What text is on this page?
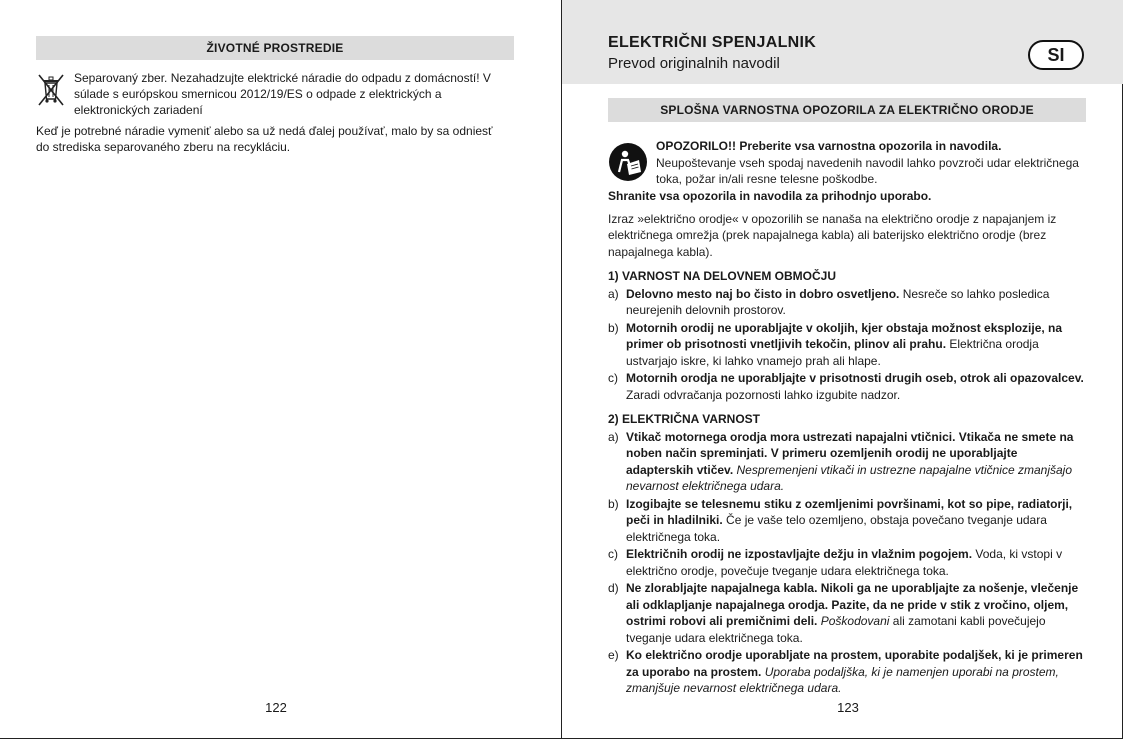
ŽIVOTNÉ PROSTREDIE
Separovaný zber. Nezahadzujte elektrické náradie do odpadu z domácností! V súlade s európskou smernicou 2012/19/ES o odpade z elektrických a elektronických zariadení
Keď je potrebné náradie vymeniť alebo sa už nedá ďalej používať, malo by sa odniesť do strediska separovaného zberu na recykláciu.
122
ELEKTRIČNI SPENJALNIK
Prevod originalnih navodil	SI
SPLOŠNA VARNOSTNA OPOZORILA ZA ELEKTRIČNO ORODJE
OPOZORILO!! Preberite vsa varnostna opozorila in navodila.
Neupoštevanje vseh spodaj navedenih navodil lahko povzroči udar električnega toka, požar in/ali resne telesne poškodbe.
Shranite vsa opozorila in navodila za prihodnjo uporabo.
Izraz »električno orodje« v opozorilih se nanaša na električno orodje z napajanjem iz električnega omrežja (prek napajalnega kabla) ali baterijsko električno orodje (brez napajalnega kabla).
1) VARNOST NA DELOVNEM OBMOČJU
a) Delovno mesto naj bo čisto in dobro osvetljeno. Nesreče so lahko posledica neurejenih delovnih prostorov.
b) Motornih orodij ne uporabljajte v okoljih, kjer obstaja možnost eksplozije, na primer ob prisotnosti vnetljivih tekočin, plinov ali prahu. Električna orodja ustvarjajo iskre, ki lahko vnamejo prah ali hlape.
c) Motornih orodja ne uporabljajte v prisotnosti drugih oseb, otrok ali opazovalcev. Zaradi odvračanja pozornosti lahko izgubite nadzor.
2) ELEKTRIČNA VARNOST
a) Vtikač motornega orodja mora ustrezati napajalni vtičnici. Vtikača ne smete na noben način spreminjati. V primeru ozemljenih orodij ne uporabljajte adapterskih vtičev. Nespremenjeni vtikači in ustrezne napajalne vtičnice zmanjšajo nevarnost električnega udara.
b) Izogibajte se telesnemu stiku z ozemljenimi površinami, kot so pipe, radiatorji, peči in hladilniki. Če je vaše telo ozemljeno, obstaja povečano tveganje udara električnega toka.
c) Električnih orodij ne izpostavljajte dežju in vlažnim pogojem. Voda, ki vstopi v električno orodje, povečuje tveganje udara električnega toka.
d) Ne zlorabljajte napajalnega kabla. Nikoli ga ne uporabljajte za nošenje, vlečenje ali odklapljanje napajalnega orodja. Pazite, da ne pride v stik z vročino, oljem, ostrimi robovi ali premičnimi deli. Poškodovani ali zamotani kabli povečujejo tveganje udara električnega toka.
e) Ko električno orodje uporabljate na prostem, uporabite podaljšek, ki je primeren za uporabo na prostem. Uporaba podaljška, ki je namenjen uporabi na prostem, zmanjšuje nevarnost električnega udara.
123
